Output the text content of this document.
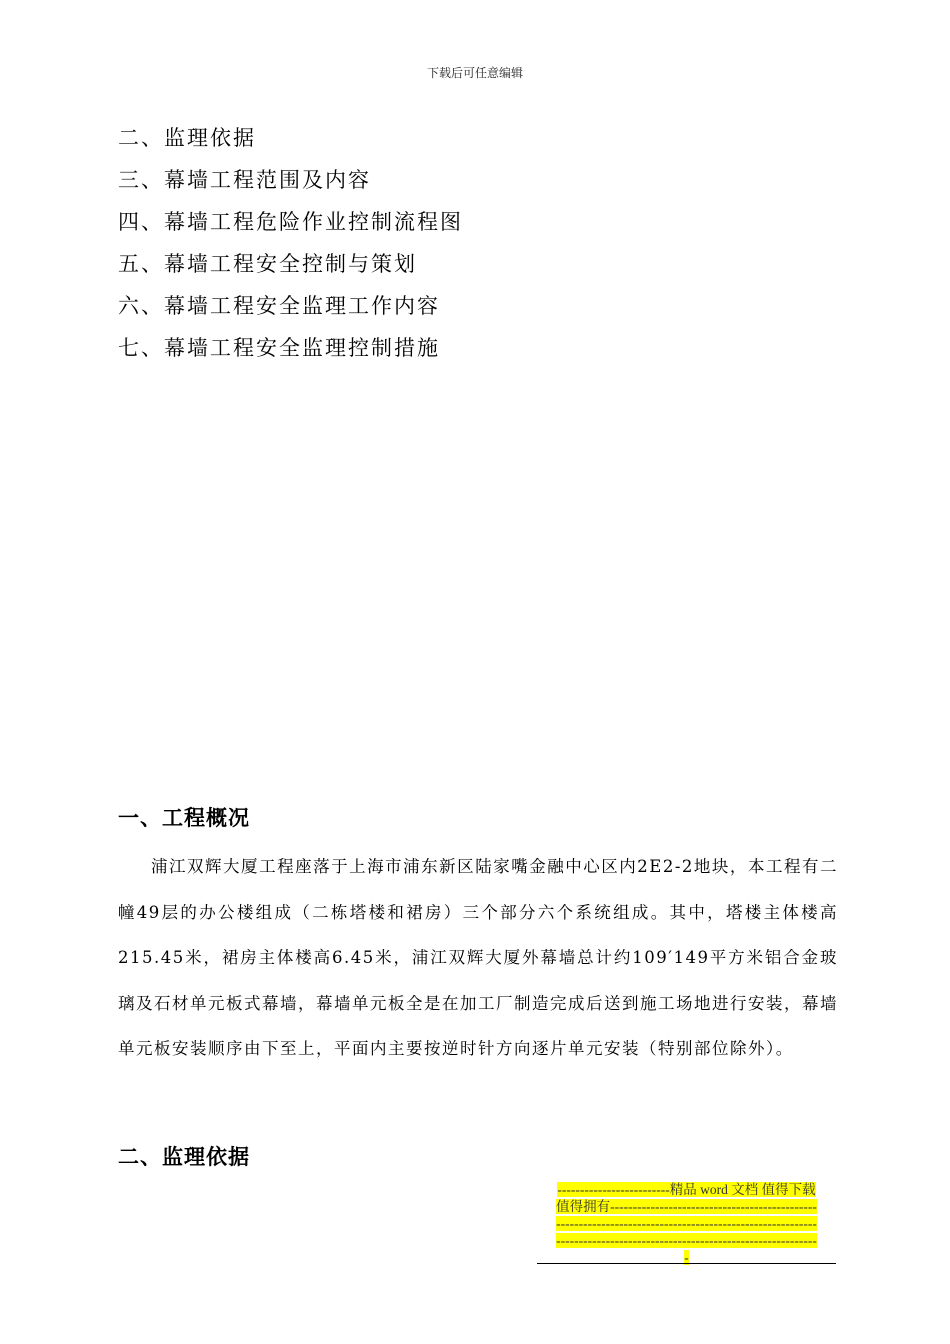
下载后可任意编辑
二、监理依据
三、幕墙工程范围及内容
四、幕墙工程危险作业控制流程图
五、幕墙工程安全控制与策划
六、幕墙工程安全监理工作内容
七、幕墙工程安全监理控制措施
一、工程概况

浦江双辉大厦工程座落于上海市浦东新区陆家嘴金融中心区内2E2-2地块，本工程有二幢49层的办公楼组成（二栋塔楼和裙房）三个部分六个系统组成。其中，塔楼主体楼高215.45米，裙房主体楼高6.45米，浦江双辉大厦外幕墙总计约109′149平方米铝合金玻璃及石材单元板式幕墙，幕墙单元板全是在加工厂制造完成后送到施工场地进行安装，幕墙单元板安装顺序由下至上，平面内主要按逆时针方向逐片单元安装（特别部位除外）。

二、监理依据
-------------------------精品 word 文档 值得下载
值得拥有----------------------------------------------
----------------------------------------------------------
----------------------------------------------------------
-
